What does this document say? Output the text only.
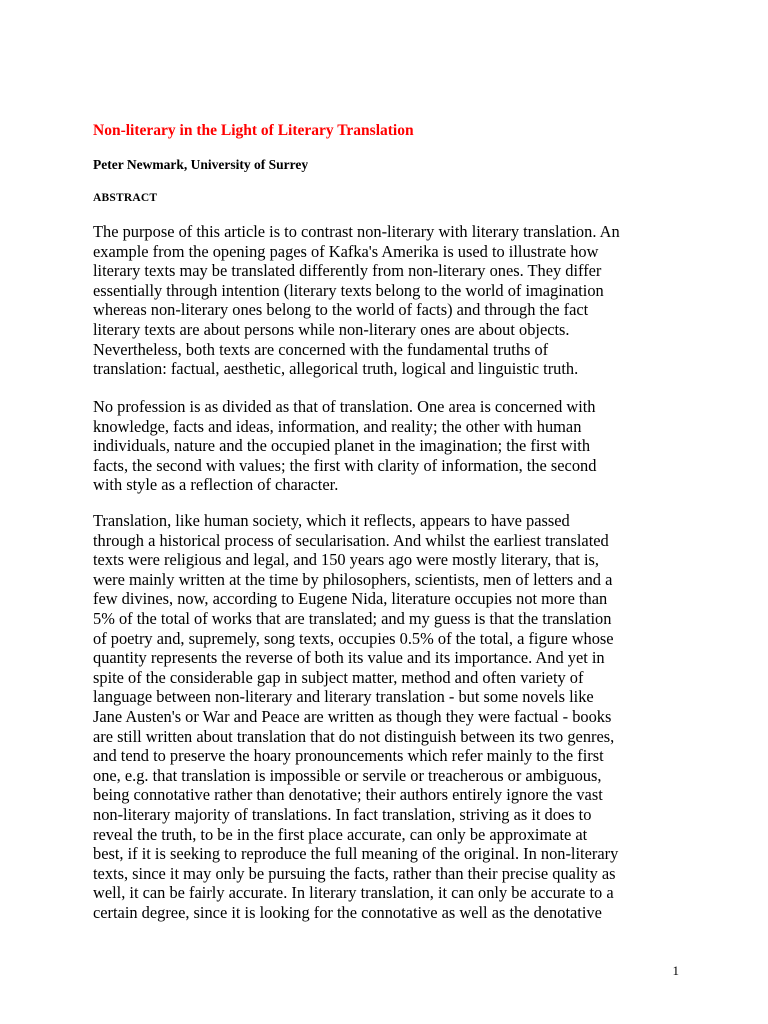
Non-literary in the Light of Literary Translation

Peter Newmark, University of Surrey

ABSTRACT

The purpose of this article is to contrast non-literary with literary translation. An
example from the opening pages of Kafka's Amerika is used to illustrate how
literary texts may be translated differently from non-literary ones. They differ
essentially through intention (literary texts belong to the world of imagination
whereas non-literary ones belong to the world of facts) and through the fact
literary texts are about persons while non-literary ones are about objects.
Nevertheless, both texts are concerned with the fundamental truths of
translation: factual, aesthetic, allegorical truth, logical and linguistic truth.

No profession is as divided as that of translation. One area is concerned with
knowledge, facts and ideas, information, and reality; the other with human
individuals, nature and the occupied planet in the imagination; the first with
facts, the second with values; the first with clarity of information, the second
with style as a reflection of character.

Translation, like human society, which it reflects, appears to have passed
through a historical process of secularisation. And whilst the earliest translated
texts were religious and legal, and 150 years ago were mostly literary, that is,
were mainly written at the time by philosophers, scientists, men of letters and a
few divines, now, according to Eugene Nida, literature occupies not more than
5% of the total of works that are translated; and my guess is that the translation
of poetry and, supremely, song texts, occupies 0.5% of the total, a figure whose
quantity represents the reverse of both its value and its importance. And yet in
spite of the considerable gap in subject matter, method and often variety of
language between non-literary and literary translation - but some novels like
Jane Austen's or War and Peace are written as though they were factual - books
are still written about translation that do not distinguish between its two genres,
and tend to preserve the hoary pronouncements which refer mainly to the first
one, e.g. that translation is impossible or servile or treacherous or ambiguous,
being connotative rather than denotative; their authors entirely ignore the vast
non-literary majority of translations. In fact translation, striving as it does to
reveal the truth, to be in the first place accurate, can only be approximate at
best, if it is seeking to reproduce the full meaning of the original. In non-literary
texts, since it may only be pursuing the facts, rather than their precise quality as
well, it can be fairly accurate. In literary translation, it can only be accurate to a
certain degree, since it is looking for the connotative as well as the denotative

1
